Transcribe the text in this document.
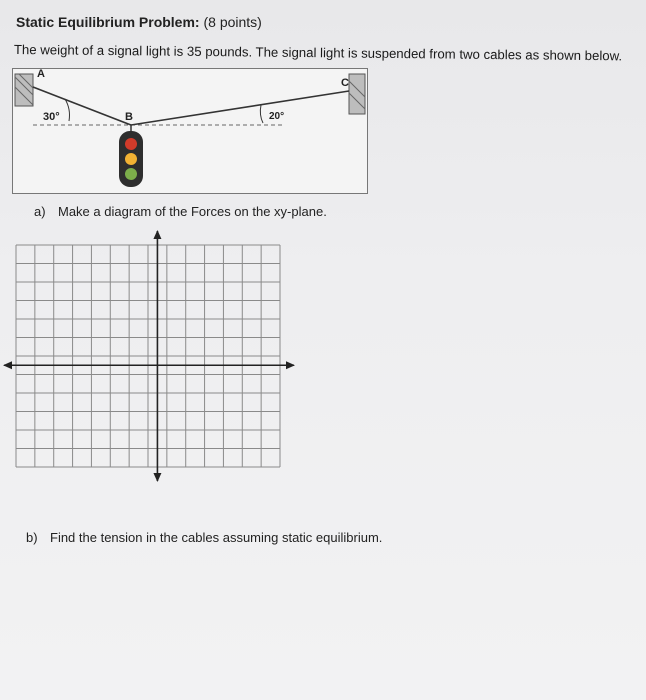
Static Equilibrium Problem: (8 points)
The weight of a signal light is 35 pounds. The signal light is suspended from two cables as shown below.
A
B
C
30°	20°
a) Make a diagram of the Forces on the xy-plane.
b) Find the tension in the cables assuming static equilibrium.
